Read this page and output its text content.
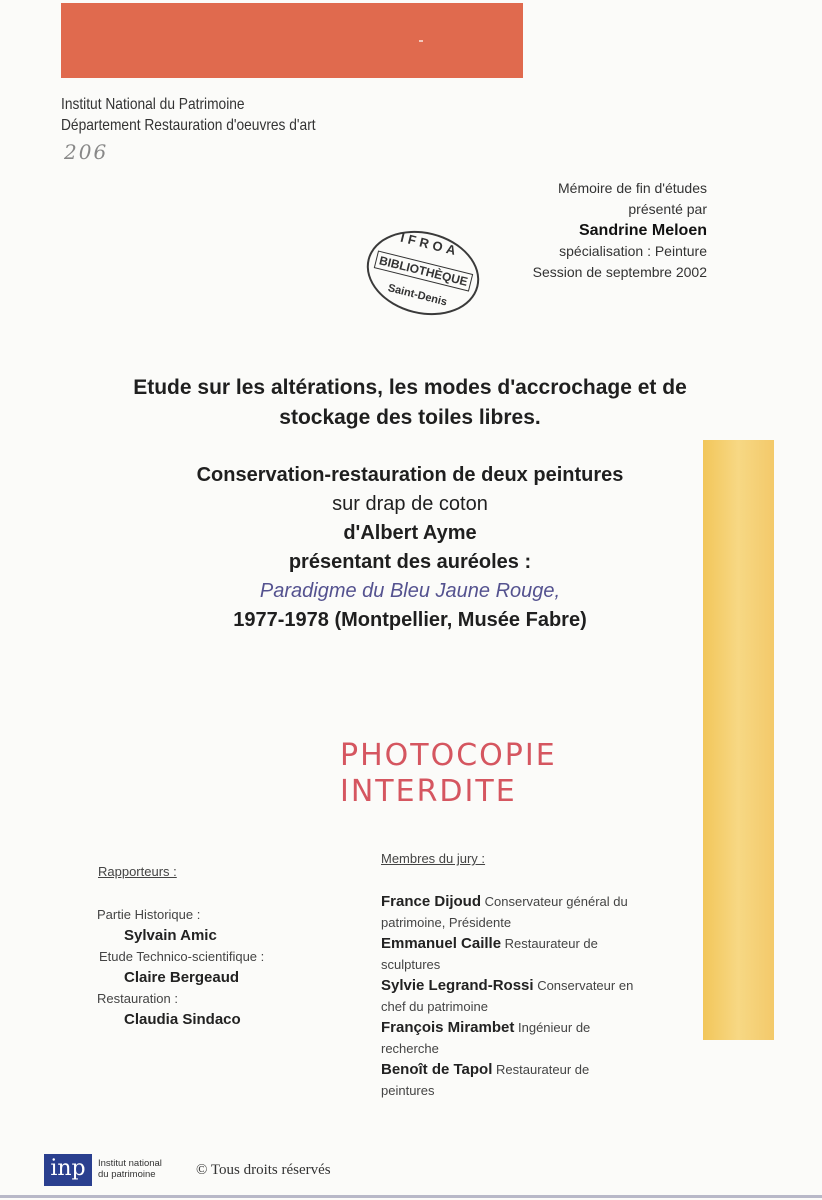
Institut National du Patrimoine
Département Restauration d'oeuvres d'art
206
Mémoire de fin d'études
présenté par
Sandrine Meloen
spécialisation : Peinture
Session de septembre 2002
IFROA
BIBLIOTHÈQUE
Saint-Denis
Etude sur les altérations, les modes d'accrochage et de
stockage des toiles libres.
Conservation-restauration de deux peintures
sur drap de coton
d'Albert Ayme
présentant des auréoles :
Paradigme du Bleu Jaune Rouge,
1977-1978 (Montpellier, Musée Fabre)
PHOTOCOPIE
INTERDITE
Rapporteurs :
Partie Historique :
Sylvain Amic
Etude Technico-scientifique :
Claire Bergeaud
Restauration :
Claudia Sindaco
Membres du jury :
France Dijoud Conservateur général du
patrimoine, Présidente
Emmanuel Caille Restaurateur de
sculptures
Sylvie Legrand-Rossi Conservateur en
chef du patrimoine
François Mirambet Ingénieur de
recherche
Benoît de Tapol Restaurateur de
peintures
inp	Institut national
du patrimoine	© Tous droits réservés
